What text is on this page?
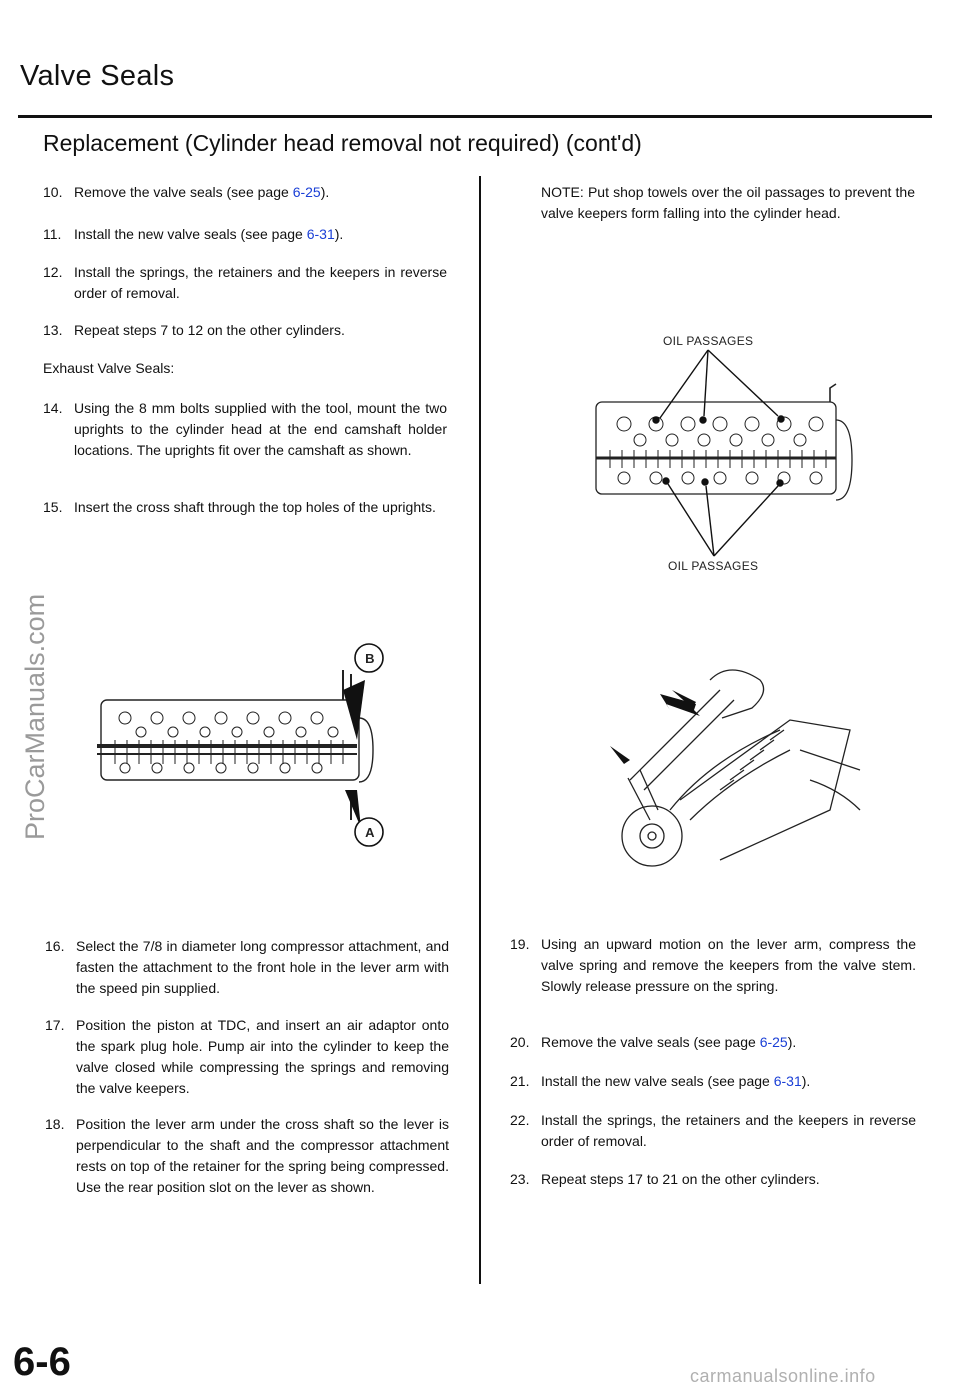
Valve Seals
Replacement (Cylinder head removal not required) (cont'd)
10. Remove the valve seals (see page 6-25).
11. Install the new valve seals (see page 6-31).
12. Install the springs, the retainers and the keepers in reverse order of removal.
13. Repeat steps 7 to 12 on the other cylinders.
Exhaust Valve Seals:
14. Using the 8 mm bolts supplied with the tool, mount the two uprights to the cylinder head at the end camshaft holder locations. The uprights fit over the camshaft as shown.
15. Insert the cross shaft through the top holes of the uprights.
B
A
16. Select the 7/8 in diameter long compressor attachment, and fasten the attachment to the front hole in the lever arm with the speed pin supplied.
17. Position the piston at TDC, and insert an air adaptor onto the spark plug hole. Pump air into the cylinder to keep the valve closed while compressing the springs and removing the valve keepers.
18. Position the lever arm under the cross shaft so the lever is perpendicular to the shaft and the compressor attachment rests on top of the retainer for the spring being compressed. Use the rear position slot on the lever as shown.
NOTE: Put shop towels over the oil passages to prevent the valve keepers form falling into the cylinder head.
OIL PASSAGES
OIL PASSAGES
19. Using an upward motion on the lever arm, compress the valve spring and remove the keepers from the valve stem. Slowly release pressure on the spring.
20. Remove the valve seals (see page 6-25).
21. Install the new valve seals (see page 6-31).
22. Install the springs, the retainers and the keepers in reverse order of removal.
23. Repeat steps 17 to 21 on the other cylinders.
ProCarManuals.com
6-6	carmanualsonline.info
